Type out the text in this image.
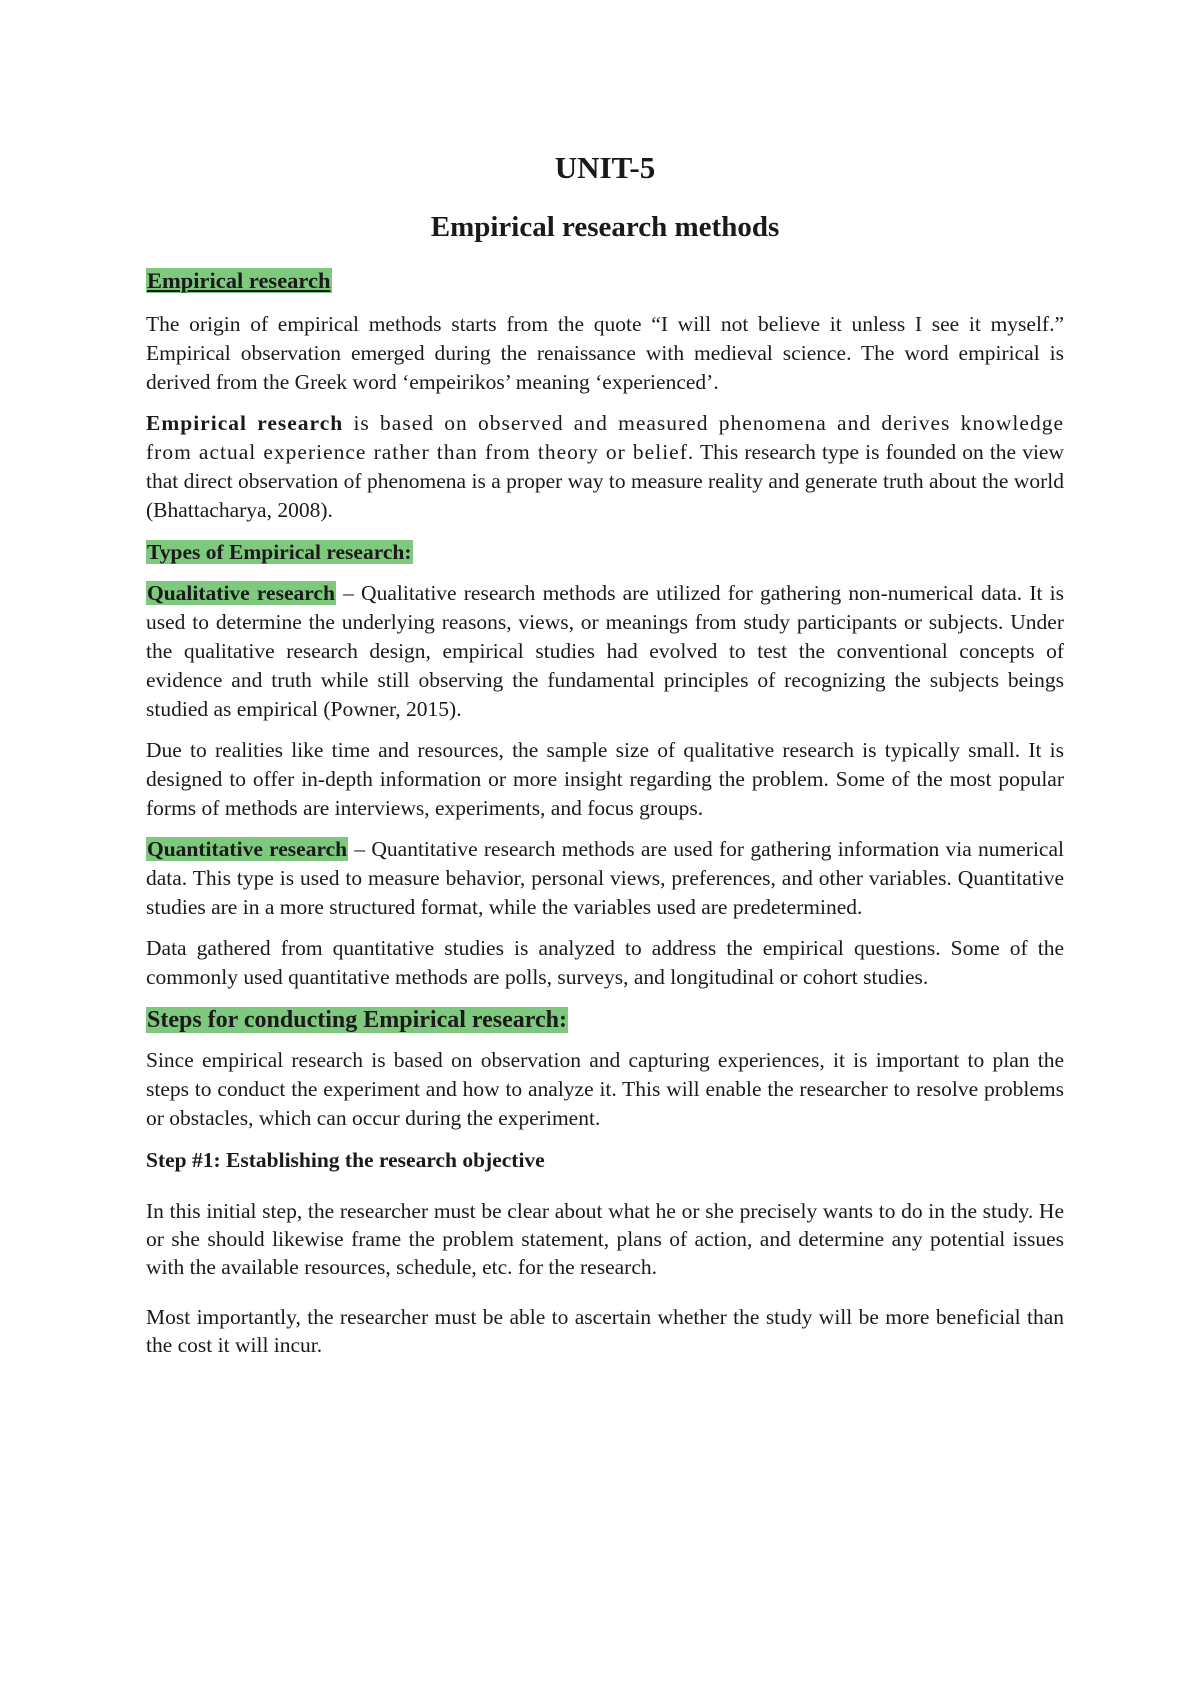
UNIT-5
Empirical research methods
Empirical research

The origin of empirical methods starts from the quote “I will not believe it unless I see it myself.” Empirical observation emerged during the renaissance with medieval science. The word empirical is derived from the Greek word ‘empeirikos’ meaning ‘experienced’.

Empirical research is based on observed and measured phenomena and derives knowledge from actual experience rather than from theory or belief. This research type is founded on the view that direct observation of phenomena is a proper way to measure reality and generate truth about the world (Bhattacharya, 2008).

Types of Empirical research:

Qualitative research – Qualitative research methods are utilized for gathering non-numerical data. It is used to determine the underlying reasons, views, or meanings from study participants or subjects. Under the qualitative research design, empirical studies had evolved to test the conventional concepts of evidence and truth while still observing the fundamental principles of recognizing the subjects beings studied as empirical (Powner, 2015).

Due to realities like time and resources, the sample size of qualitative research is typically small. It is designed to offer in-depth information or more insight regarding the problem. Some of the most popular forms of methods are interviews, experiments, and focus groups.

Quantitative research – Quantitative research methods are used for gathering information via numerical data. This type is used to measure behavior, personal views, preferences, and other variables. Quantitative studies are in a more structured format, while the variables used are predetermined.

Data gathered from quantitative studies is analyzed to address the empirical questions. Some of the commonly used quantitative methods are polls, surveys, and longitudinal or cohort studies.

Steps for conducting Empirical research:

Since empirical research is based on observation and capturing experiences, it is important to plan the steps to conduct the experiment and how to analyze it. This will enable the researcher to resolve problems or obstacles, which can occur during the experiment.

Step #1: Establishing the research objective

In this initial step, the researcher must be clear about what he or she precisely wants to do in the study. He or she should likewise frame the problem statement, plans of action, and determine any potential issues with the available resources, schedule, etc. for the research.

Most importantly, the researcher must be able to ascertain whether the study will be more beneficial than the cost it will incur.
